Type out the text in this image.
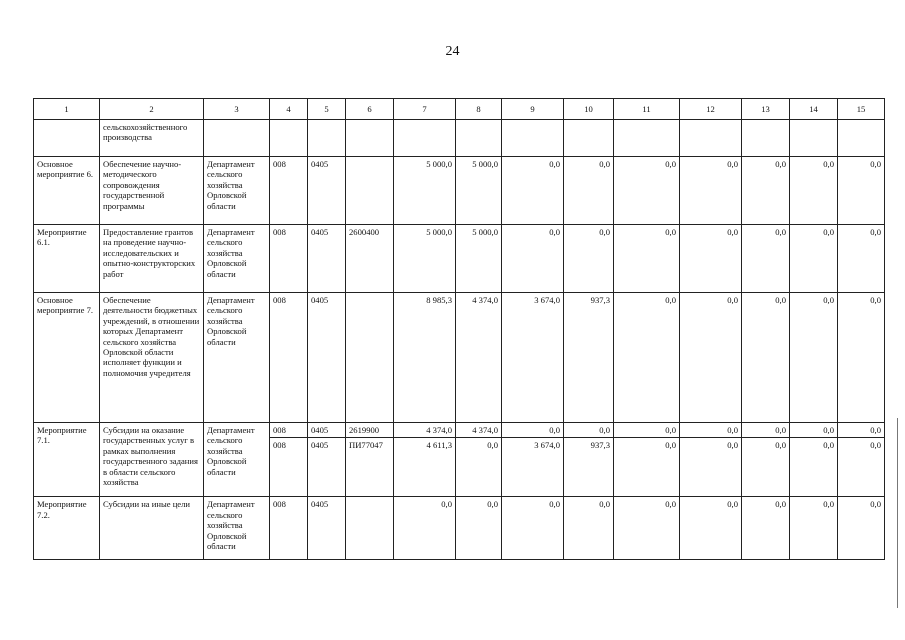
24
1	2	3	4	5	6	7	8	9	10	11	12	13	14	15
	сельскохозяйственного производства													
Основное мероприятие 6.	Обеспечение научно-методического сопровождения государственной программы	Департамент сельского хозяйства Орловской области	008	0405		5 000,0	5 000,0	0,0	0,0	0,0	0,0	0,0	0,0	0,0
Мероприятие 6.1.	Предоставление грантов на проведение научно-исследовательских и опытно-конструкторских работ	Департамент сельского хозяйства Орловской области	008	0405	2600400	5 000,0	5 000,0	0,0	0,0	0,0	0,0	0,0	0,0	0,0
Основное мероприятие 7.	Обеспечение деятельности бюджетных учреждений, в отношении которых Департамент сельского хозяйства Орловской области исполняет функции и полномочия учредителя	Департамент сельского хозяйства Орловской области	008	0405		8 985,3	4 374,0	3 674,0	937,3	0,0	0,0	0,0	0,0	0,0
Мероприятие 7.1.	Субсидии на оказание государственных услуг в рамках выполнения государственного задания в области сельского хозяйства	Департамент сельского хозяйства Орловской области	008	0405	2619900	4 374,0	4 374,0	0,0	0,0	0,0	0,0	0,0	0,0	0,0
			008	0405	ПИ77047	4 611,3	0,0	3 674,0	937,3	0,0	0,0	0,0	0,0	0,0
Мероприятие 7.2.	Субсидии на иные цели	Департамент сельского хозяйства Орловской области	008	0405		0,0	0,0	0,0	0,0	0,0	0,0	0,0	0,0	0,0
